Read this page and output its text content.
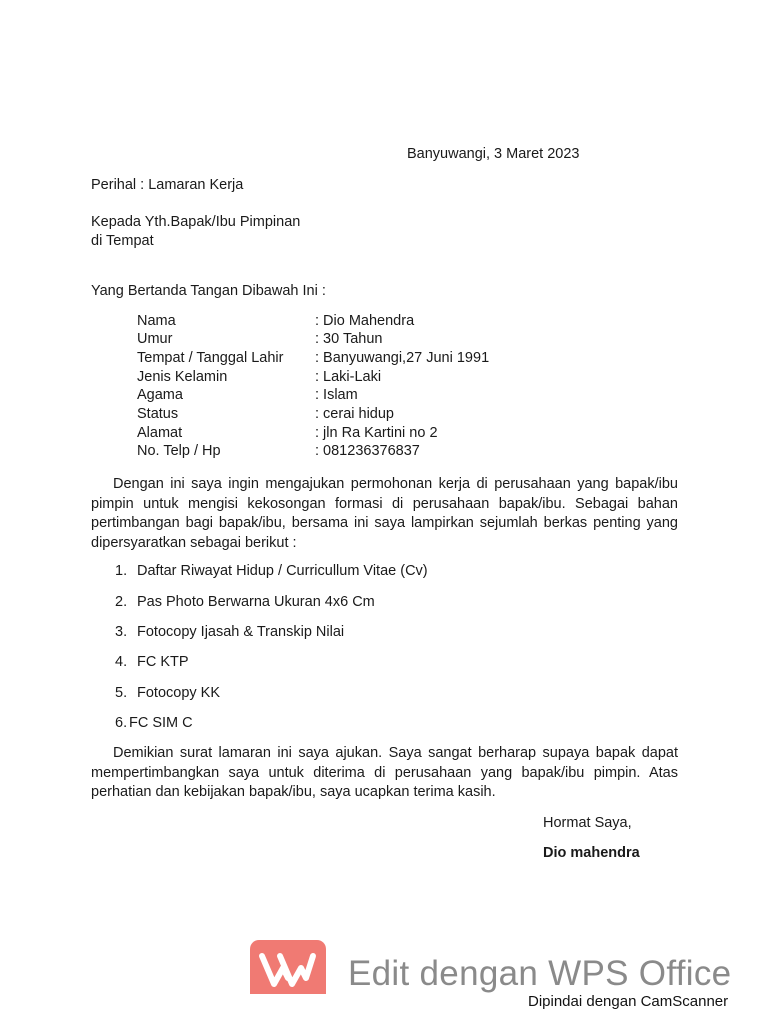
Banyuwangi, 3 Maret 2023
Perihal : Lamaran Kerja
Kepada Yth.Bapak/Ibu Pimpinan
di Tempat
Yang Bertanda Tangan Dibawah Ini :
Nama	: Dio Mahendra
Umur	: 30 Tahun
Tempat / Tanggal Lahir : Banyuwangi,27 Juni 1991
Jenis Kelamin	: Laki-Laki
Agama	: Islam
Status	: cerai hidup
Alamat	: jln Ra Kartini no 2
No. Telp / Hp	: 081236376837
Dengan ini saya ingin mengajukan permohonan kerja di perusahaan yang bapak/ibu pimpin untuk mengisi kekosongan formasi di perusahaan bapak/ibu. Sebagai bahan pertimbangan bagi bapak/ibu, bersama ini saya lampirkan sejumlah berkas penting yang dipersyaratkan sebagai berikut :
1. Daftar Riwayat Hidup / Curricullum Vitae (Cv)
2. Pas Photo Berwarna Ukuran 4x6 Cm
3. Fotocopy Ijasah & Transkip Nilai
4. FC KTP
5. Fotocopy KK
6. FC SIM C
Demikian surat lamaran ini saya ajukan. Saya sangat berharap supaya bapak dapat mempertimbangkan saya untuk diterima di perusahaan yang bapak/ibu pimpin. Atas perhatian dan kebijakan bapak/ibu, saya ucapkan terima kasih.
Hormat Saya,
Dio mahendra
Edit dengan WPS Office
Dipindai dengan CamScanner
